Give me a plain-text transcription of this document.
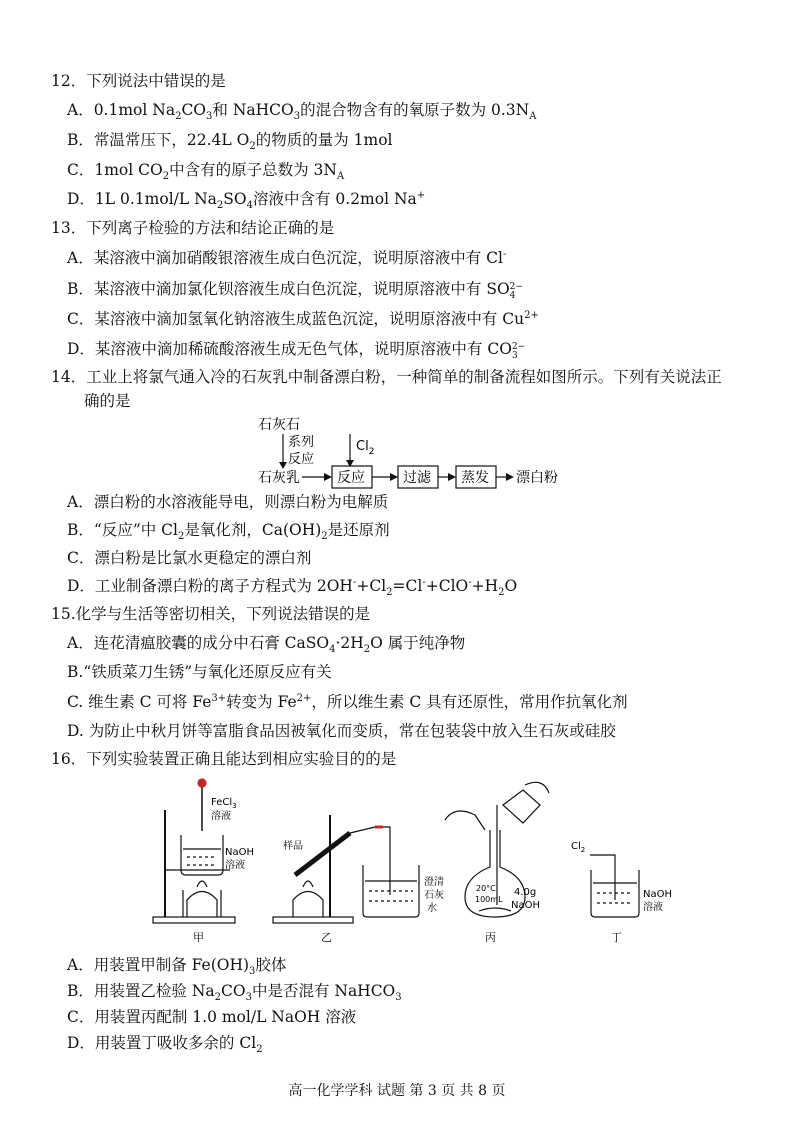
12．下列说法中错误的是
A．0.1mol $Na_2CO_3$和 NaHCO$_3$的混合物含有的氧原子数为 $0.3N_A$
B．常温常压下，22.4L $O_2$的物质的量为 1mol
C．1mol $CO_2$中含有的原子总数为 $3N_A$
D．1L 0.1mol/L $Na_2SO_4$溶液中含有 0.2mol Na+
13．下列离子检验的方法和结论正确的是
A．某溶液中滴加硝酸银溶液生成白色沉淀，说明原溶液中有 Cl-
B．某溶液中滴加氯化钡溶液生成白色沉淀，说明原溶液中有 SO 2−
4
C．某溶液中滴加氢氧化钠溶液生成蓝色沉淀，说明原溶液中有 $Cu^{2+}$
D．某溶液中滴加稀硫酸溶液生成无色气体，说明原溶液中有 CO 2−
3
14．工业上将氯气通入冷的石灰乳中制备漂白粉，一种简单的制备流程如图所示。下列有关说法正
确的是
石灰石
系列
反应
$Cl_2$
石灰乳	反应	过滤 蒸发 漂白粉
A．漂白粉的水溶液能导电，则漂白粉为电解质
B．“反应”中 $Cl_2$是氧化剂，$Ca(OH)_2$是还原剂
C．漂白粉是比氯水更稳定的漂白剂
D．工业制备漂白粉的离子方程式为 $2OH^-+Cl_2=Cl^-+ClO^-+H_2O$
15.化学与生活等密切相关，下列说法错误的是
A．连花清瘟胶囊的成分中石膏 $CaSO_4\cdot 2H_2O$ 属于纯净物
B.“铁质菜刀生锈”与氧化还原反应有关
C. 维生素 C 可将 $Fe^{3+}$转变为 $Fe^{2+}$，所以维生素 C 具有还原性，常用作抗氧化剂
D. 为防止中秋月饼等富脂食品因被氧化而变质，常在包装袋中放入生石灰或硅胶
16．下列实验装置正确且能达到相应实验目的的是
FeCl$_3$
溶液
NaOH
溶液
甲
样品
澄清
石灰
水
乙
20°C
100mL
4.0g
NaOH
丙
$Cl_2$
NaOH
溶液
丁
A．用装置甲制备 $Fe(OH)_3$胶体
B．用装置乙检验 $Na_2CO_3$中是否混有 NaHCO$_3$
C．用装置丙配制 1.0 mol/L NaOH 溶液
D．用装置丁吸收多余的 $Cl_2$
高一化学学科 试题 第 3 页 共 8 页
